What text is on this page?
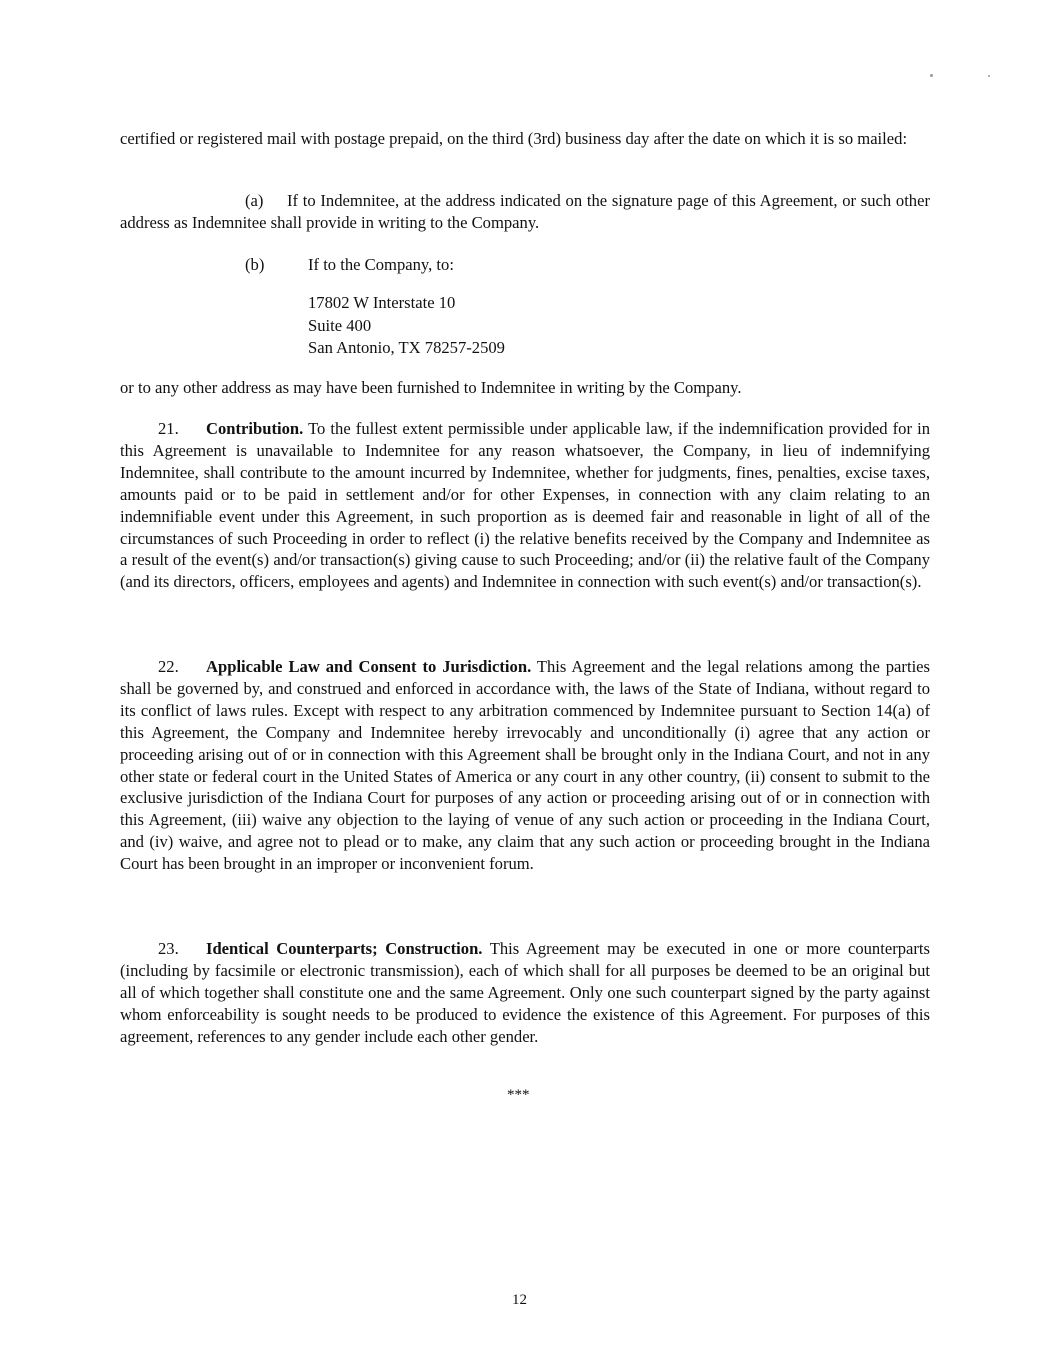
certified or registered mail with postage prepaid, on the third (3rd) business day after the date on which it is so mailed:

(a) If to Indemnitee, at the address indicated on the signature page of this Agreement, or such other address as Indemnitee shall provide in writing to the Company.

(b)	If to the Company, to:
17802 W Interstate 10
Suite 400
San Antonio, TX 78257-2509

or to any other address as may have been furnished to Indemnitee in writing by the Company.

21. Contribution. To the fullest extent permissible under applicable law, if the indemnification provided for in this Agreement is unavailable to Indemnitee for any reason whatsoever, the Company, in lieu of indemnifying Indemnitee, shall contribute to the amount incurred by Indemnitee, whether for judgments, fines, penalties, excise taxes, amounts paid or to be paid in settlement and/or for other Expenses, in connection with any claim relating to an indemnifiable event under this Agreement, in such proportion as is deemed fair and reasonable in light of all of the circumstances of such Proceeding in order to reflect (i) the relative benefits received by the Company and Indemnitee as a result of the event(s) and/or transaction(s) giving cause to such Proceeding; and/or (ii) the relative fault of the Company (and its directors, officers, employees and agents) and Indemnitee in connection with such event(s) and/or transaction(s).

22. Applicable Law and Consent to Jurisdiction. This Agreement and the legal relations among the parties shall be governed by, and construed and enforced in accordance with, the laws of the State of Indiana, without regard to its conflict of laws rules. Except with respect to any arbitration commenced by Indemnitee pursuant to Section 14(a) of this Agreement, the Company and Indemnitee hereby irrevocably and unconditionally (i) agree that any action or proceeding arising out of or in connection with this Agreement shall be brought only in the Indiana Court, and not in any other state or federal court in the United States of America or any court in any other country, (ii) consent to submit to the exclusive jurisdiction of the Indiana Court for purposes of any action or proceeding arising out of or in connection with this Agreement, (iii) waive any objection to the laying of venue of any such action or proceeding in the Indiana Court, and (iv) waive, and agree not to plead or to make, any claim that any such action or proceeding brought in the Indiana Court has been brought in an improper or inconvenient forum.

23. Identical Counterparts; Construction. This Agreement may be executed in one or more counterparts (including by facsimile or electronic transmission), each of which shall for all purposes be deemed to be an original but all of which together shall constitute one and the same Agreement. Only one such counterpart signed by the party against whom enforceability is sought needs to be produced to evidence the existence of this Agreement. For purposes of this agreement, references to any gender include each other gender.

***
12
